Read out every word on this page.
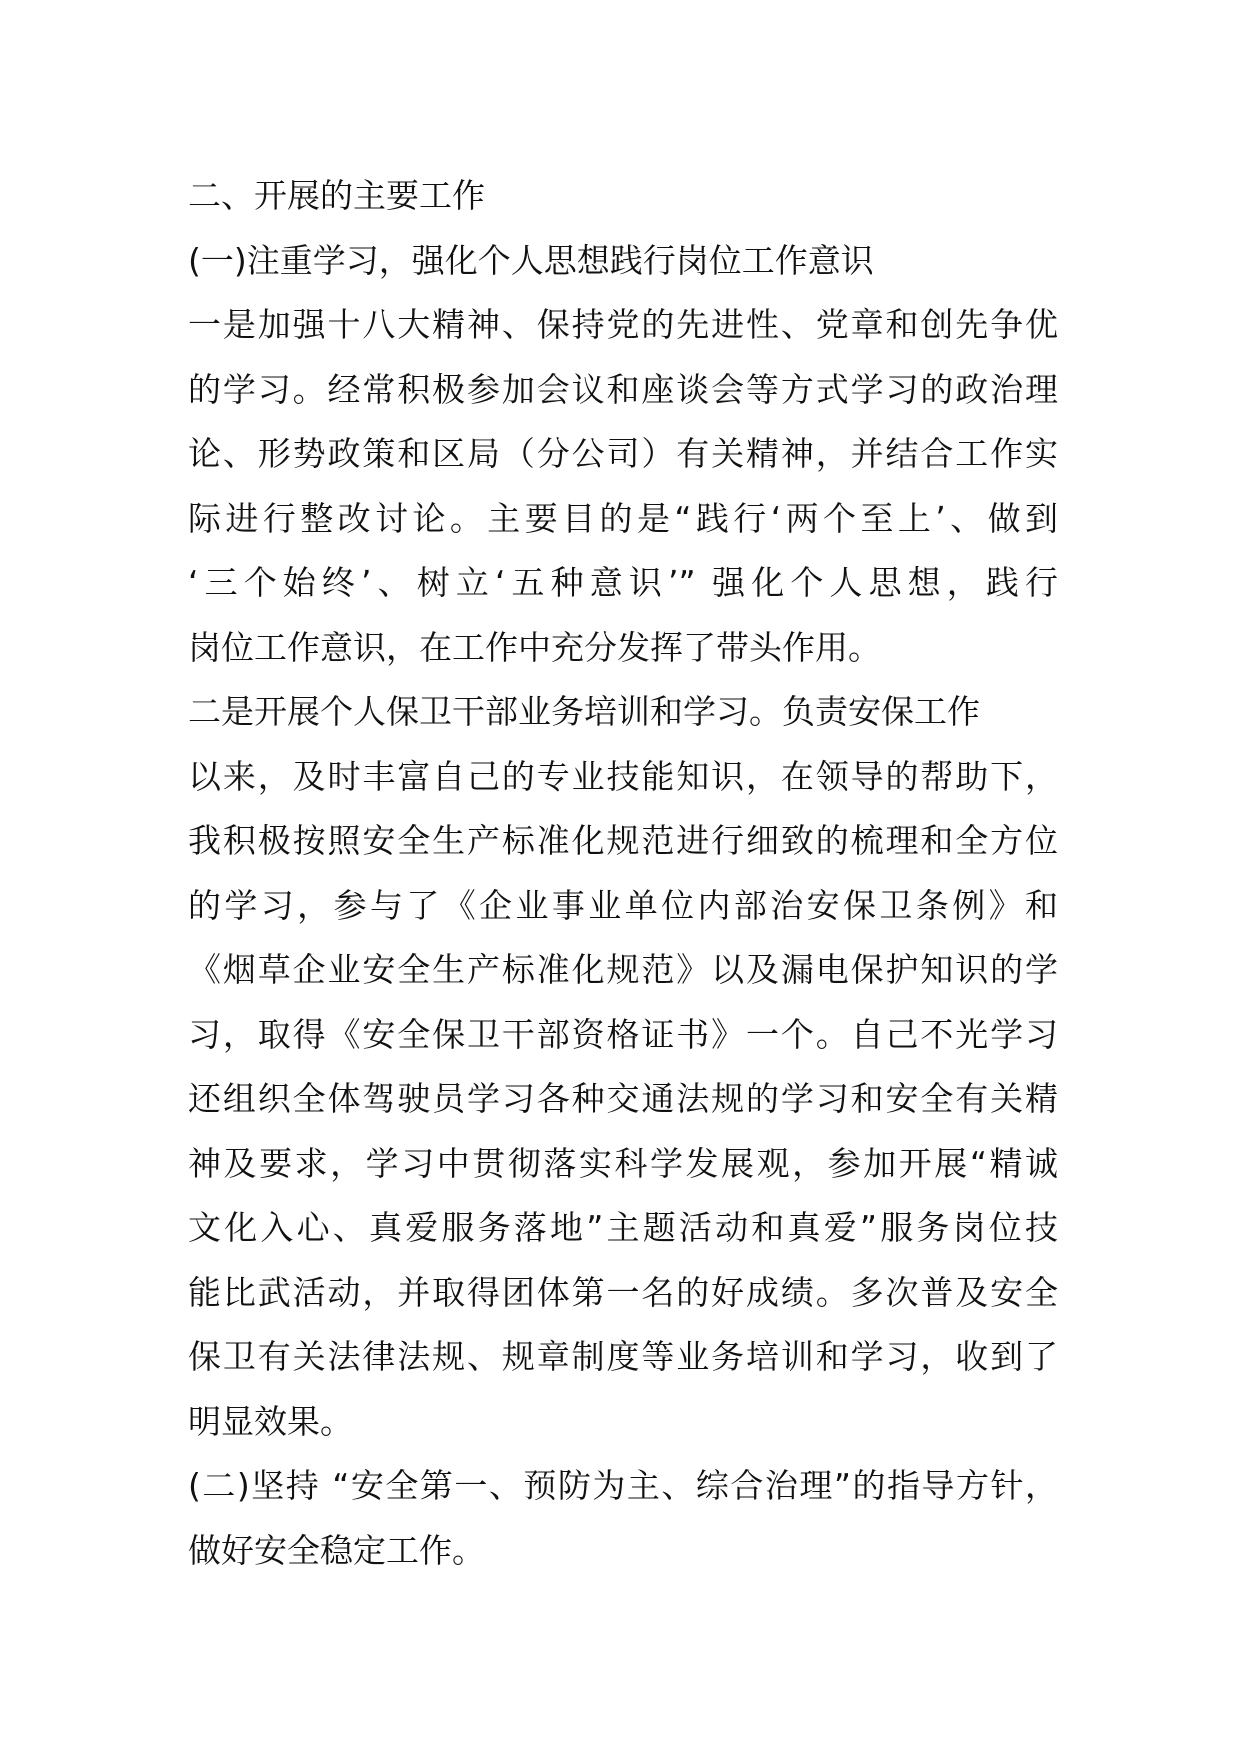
二、开展的主要工作
(一)注重学习，强化个人思想践行岗位工作意识
一是加强十八大精神、保持党的先进性、党章和创先争优
的学习。经常积极参加会议和座谈会等方式学习的政治理
论、形势政策和区局（分公司）有关精神，并结合工作实
际进行整改讨论。主要目的是“践行‘两个至上’、做到
‘三个始终’、树立‘五种意识’” 强化个人思想，践行
岗位工作意识，在工作中充分发挥了带头作用。
二是开展个人保卫干部业务培训和学习。负责安保工作
以来，及时丰富自己的专业技能知识，在领导的帮助下，
我积极按照安全生产标准化规范进行细致的梳理和全方位
的学习，参与了《企业事业单位内部治安保卫条例》和
《烟草企业安全生产标准化规范》以及漏电保护知识的学
习，取得《安全保卫干部资格证书》一个。自己不光学习
还组织全体驾驶员学习各种交通法规的学习和安全有关精
神及要求，学习中贯彻落实科学发展观，参加开展“精诚
文化入心、真爱服务落地”主题活动和真爱”服务岗位技
能比武活动，并取得团体第一名的好成绩。多次普及安全
保卫有关法律法规、规章制度等业务培训和学习，收到了
明显效果。
(二)坚持 “安全第一、预防为主、综合治理”的指导方针，
做好安全稳定工作。
